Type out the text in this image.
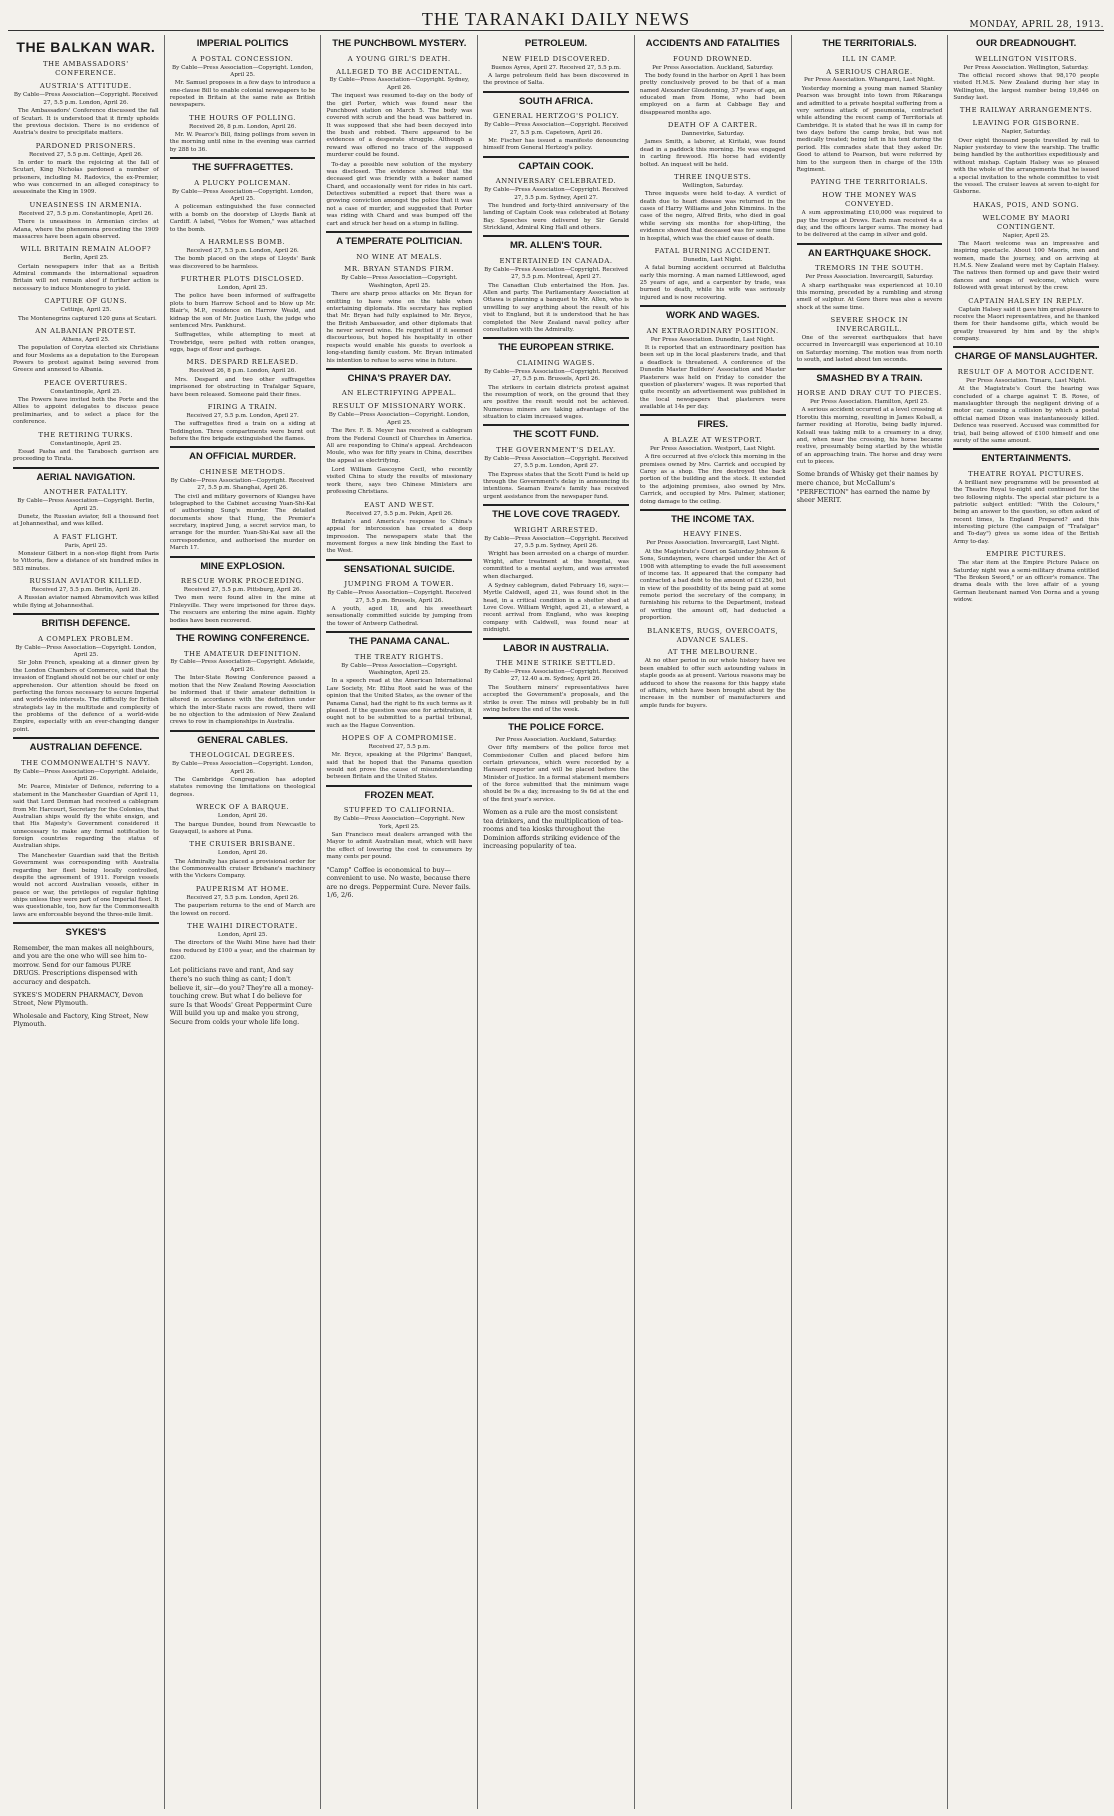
THE TARANAKI DAILY NEWS	MONDAY, APRIL 28, 1913.
THE BALKAN WAR.
THE AMBASSADORS' CONFERENCE.
AUSTRIA'S ATTITUDE.
By Cable—Press Association—Copyright. Received 27, 5.5 p.m. London, April 26.
The Ambassadors' Conference discussed the fall of Scutari. It is understood that it firmly upholds the previous decision. There is no evidence of Austria's desire to precipitate matters.
PARDONED PRISONERS.
Received 27, 5.5 p.m. Cettinje, April 26.
In order to mark the rejoicing at the fall of Scutari, King Nicholas pardoned a number of prisoners, including M. Radovics, the ex-Premier, who was concerned in an alleged conspiracy to assassinate the King in 1909.
UNEASINESS IN ARMENIA.
Received 27, 5.5 p.m. Constantinople, April 26.
There is uneasiness in Armenian circles at Adana, where the phenomena preceding the 1909 massacres have been again observed.
WILL BRITAIN REMAIN ALOOF?
Berlin, April 25.
Certain newspapers infer that as a British Admiral commands the international squadron Britain will not remain aloof if further action is necessary to induce Montenegro to yield.
CAPTURE OF GUNS.
Cettinje, April 25.
The Montenegrins captured 120 guns at Scutari.
AN ALBANIAN PROTEST.
Athens, April 25.
The population of Corytza elected six Christians and four Moslems as a deputation to the European Powers to protest against being severed from Greece and annexed to Albania.
PEACE OVERTURES.
Constantinople, April 25.
The Powers have invited both the Porte and the Allies to appoint delegates to discuss peace preliminaries, and to select a place for the conference.
THE RETIRING TURKS.
Constantinople, April 25.
Essad Pasha and the Tarabosch garrison are proceeding to Tirata.
AERIAL NAVIGATION.
ANOTHER FATALITY.
By Cable—Press Association—Copyright. Berlin, April 25.
Dunetz, the Russian aviator, fell a thousand feet at Johannesthal, and was killed.
A FAST FLIGHT.
Paris, April 25.
Monsieur Gilbert in a non-stop flight from Paris to Vittoria, flew a distance of six hundred miles in 583 minutes.
RUSSIAN AVIATOR KILLED.
Received 27, 5.5 p.m. Berlin, April 26.
A Russian aviator named Abramovitch was killed while flying at Johannesthal.
BRITISH DEFENCE.
A COMPLEX PROBLEM.
By Cable—Press Association—Copyright. London, April 25.
Sir John French, speaking at a dinner given by the London Chambers of Commerce, said that the invasion of England should not be our chief or only apprehension. Our attention should be fixed on perfecting the forces necessary to secure Imperial and world-wide interests. The difficulty for British strategists lay in the multitude and complexity of the problems of the defence of a world-wide Empire, especially with an ever-changing danger point.
AUSTRALIAN DEFENCE.
THE COMMONWEALTH'S NAVY.
By Cable—Press Association—Copyright. Adelaide, April 26.
Mr. Pearce, Minister of Defence, referring to a statement in the Manchester Guardian of April 11, said that Lord Denman had received a cablegram from Mr. Harcourt, Secretary for the Colonies, that Australian ships would fly the white ensign, and that His Majesty's Government considered it unnecessary to make any formal notification to foreign countries regarding the status of Australian ships.
The Manchester Guardian said that the British Government was corresponding with Australia regarding her fleet being locally controlled, despite the agreement of 1911. Foreign vessels would not accord Australian vessels, either in peace or war, the privileges of regular fighting ships unless they were part of one Imperial fleet. It was questionable, too, how far the Commonwealth laws are enforceable beyond the three-mile limit.
SYKES'S
Remember, the man makes all neighbours, and you are the one who will see him to-morrow. Send for our famous PURE DRUGS. Prescriptions dispensed with accuracy and despatch.
SYKES'S MODERN PHARMACY, Devon Street, New Plymouth.
Wholesale and Factory, King Street, New Plymouth.
IMPERIAL POLITICS
A POSTAL CONCESSION.
By Cable—Press Association—Copyright. London, April 25.
Mr. Samuel proposes in a few days to introduce a one-clause Bill to enable colonial newspapers to be reposted in Britain at the same rate as British newspapers.
THE HOURS OF POLLING.
Received 26, 8 p.m. London, April 26.
Mr. W. Pearce's Bill, fixing pollings from seven in the morning until nine in the evening was carried by 288 to 36.
THE SUFFRAGETTES.
A PLUCKY POLICEMAN.
By Cable—Press Association—Copyright. London, April 25.
A policeman extinguished the fuse connected with a bomb on the doorstep of Lloyds Bank at Cardiff. A label, "Votes for Women," was attached to the bomb.
A HARMLESS BOMB.
Received 27, 5.5 p.m. London, April 26.
The bomb placed on the steps of Lloyds' Bank was discovered to be harmless.
FURTHER PLOTS DISCLOSED.
London, April 25.
The police have been informed of suffragette plots to burn Harrow School and to blow up Mr. Blair's, M.P., residence on Harrow Weald, and kidnap the son of Mr. Justice Lush, the judge who sentenced Mrs. Pankhurst.
Suffragettes, while attempting to meet at Trowbridge, were pelted with rotten oranges, eggs, bags of flour and garbage.
MRS. DESPARD RELEASED.
Received 26, 8 p.m. London, April 26.
Mrs. Despard and two other suffragettes imprisoned for obstructing in Trafalgar Square, have been released. Someone paid their fines.
FIRING A TRAIN.
Received 27, 5.5 p.m. London, April 27.
The suffragettes fired a train on a siding at Teddington. Three compartments were burnt out before the fire brigade extinguished the flames.
AN OFFICIAL MURDER.
CHINESE METHODS.
By Cable—Press Association—Copyright. Received 27, 5.5 p.m. Shanghai, April 26.
The civil and military governors of Kiangsu have telegraphed to the Cabinet accusing Yuan-Shi-Kai of authorising Sung's murder. The detailed documents show that Hung, the Premier's secretary, inspired Jung, a secret service man, to arrange for the murder. Yuan-Shi-Kai saw all the correspondence, and authorised the murder on March 17.
MINE EXPLOSION.
RESCUE WORK PROCEEDING.
Received 27, 5.5 p.m. Pittsburg, April 26.
Two men were found alive in the mine at Finleyville. They were imprisoned for three days. The rescuers are entering the mine again. Eighty bodies have been recovered.
THE ROWING CONFERENCE.
THE AMATEUR DEFINITION.
By Cable—Press Association—Copyright. Adelaide, April 26.
The Inter-State Rowing Conference passed a motion that the New Zealand Rowing Association be informed that if their amateur definition is altered in accordance with the definition under which the inter-State races are rowed, there will be no objection to the admission of New Zealand crews to row in championships in Australia.
GENERAL CABLES.
THEOLOGICAL DEGREES.
By Cable—Press Association—Copyright. London, April 26.
The Cambridge Congregation has adopted statutes removing the limitations on theological degrees.
WRECK OF A BARQUE.
London, April 26.
The barque Dundee, bound from Newcastle to Guayaquil, is ashore at Puna.
THE CRUISER BRISBANE.
London, April 26.
The Admiralty has placed a provisional order for the Commonwealth cruiser Brisbane's machinery with the Vickers Company.
PAUPERISM AT HOME.
Received 27, 5.5 p.m. London, April 26.
The pauperism returns to the end of March are the lowest on record.
THE WAIHI DIRECTORATE.
London, April 25.
The directors of the Waihi Mine have had their fees reduced by £100 a year, and the chairman by £200.
Let politicians rave and rant, And say there's no such thing as cant; I don't believe it, sir—do you? They're all a money-touching crew. But what I do believe for sure Is that Woods' Great Peppermint Cure Will build you up and make you strong, Secure from colds your whole life long.
THE PUNCHBOWL MYSTERY.
A YOUNG GIRL'S DEATH.
ALLEGED TO BE ACCIDENTAL.
By Cable—Press Association—Copyright. Sydney, April 26.
The inquest was resumed to-day on the body of the girl Porter, which was found near the Punchbowl station on March 5. The body was covered with scrub and the head was battered in. It was supposed that she had been decoyed into the bush and robbed. There appeared to be evidences of a desperate struggle. Although a reward was offered no trace of the supposed murderer could be found.
To-day a possible new solution of the mystery was disclosed. The evidence showed that the deceased girl was friendly with a baker named Chard, and occasionally went for rides in his cart. Detectives submitted a report that there was a growing conviction amongst the police that it was not a case of murder, and suggested that Porter was riding with Chard and was bumped off the cart and struck her head on a stump in falling.
A TEMPERATE POLITICIAN.
NO WINE AT MEALS.
MR. BRYAN STANDS FIRM.
By Cable—Press Association—Copyright. Washington, April 25.
There are sharp press attacks on Mr. Bryan for omitting to have wine on the table when entertaining diplomats. His secretary has replied that Mr. Bryan had fully explained to Mr. Bryce, the British Ambassador, and other diplomats that he never served wine. He regretted if it seemed discourteous, but hoped his hospitality in other respects would enable his guests to overlook a long-standing family custom. Mr. Bryan intimated his intention to refuse to serve wine in future.
CHINA'S PRAYER DAY.
AN ELECTRIFYING APPEAL.
RESULT OF MISSIONARY WORK.
By Cable—Press Association—Copyright. London, April 25.
The Rev. F. B. Meyer has received a cablegram from the Federal Council of Churches in America. All are responding to China's appeal. Archdeacon Moule, who was for fifty years in China, describes the appeal as electrifying.
Lord William Gascoyne Cecil, who recently visited China to study the results of missionary work there, says two Chinese Ministers are professing Christians.
EAST AND WEST.
Received 27, 5.5 p.m. Pekin, April 26.
Britain's and America's response to China's appeal for intercession has created a deep impression. The newspapers state that the movement forges a new link binding the East to the West.
SENSATIONAL SUICIDE.
JUMPING FROM A TOWER.
By Cable—Press Association—Copyright. Received 27, 5.5 p.m. Brussels, April 26.
A youth, aged 18, and his sweetheart sensationally committed suicide by jumping from the tower of Antwerp Cathedral.
THE PANAMA CANAL.
THE TREATY RIGHTS.
By Cable—Press Association—Copyright. Washington, April 25.
In a speech read at the American International Law Society, Mr. Elihu Root said he was of the opinion that the United States, as the owner of the Panama Canal, had the right to fix such terms as it pleased. If the question was one for arbitration, it ought not to be submitted to a partial tribunal, such as the Hague Convention.
HOPES OF A COMPROMISE.
Received 27, 5.5 p.m.
Mr. Bryce, speaking at the Pilgrims' Banquet, said that he hoped that the Panama question would not prove the cause of misunderstanding between Britain and the United States.
FROZEN MEAT.
STUFFED TO CALIFORNIA.
By Cable—Press Association—Copyright. New York, April 25.
San Francisco meat dealers arranged with the Mayor to admit Australian meat, which will have the effect of lowering the cost to consumers by many cents per pound.
"Camp" Coffee is economical to buy—convenient to use. No waste, because there are no dregs. Peppermint Cure. Never fails. 1/6, 2/6.
PETROLEUM.
NEW FIELD DISCOVERED.
Buenos Ayres, April 27. Received 27, 5.5 p.m.
A large petroleum field has been discovered in the province of Salta.
SOUTH AFRICA.
GENERAL HERTZOG'S POLICY.
By Cable—Press Association—Copyright. Received 27, 5.5 p.m. Capetown, April 26.
Mr. Fischer has issued a manifesto denouncing himself from General Hertzog's policy.
CAPTAIN COOK.
ANNIVERSARY CELEBRATED.
By Cable—Press Association—Copyright. Received 27, 5.5 p.m. Sydney, April 27.
The hundred and forty-third anniversary of the landing of Captain Cook was celebrated at Botany Bay. Speeches were delivered by Sir Gerald Strickland, Admiral King Hall and others.
MR. ALLEN'S TOUR.
ENTERTAINED IN CANADA.
By Cable—Press Association—Copyright. Received 27, 5.5 p.m. Montreal, April 27.
The Canadian Club entertained the Hon. Jas. Allen and party. The Parliamentary Association at Ottawa is planning a banquet to Mr. Allen, who is unwilling to say anything about the result of his visit to England, but it is understood that he has completed the New Zealand naval policy after consultation with the Admiralty.
THE EUROPEAN STRIKE.
CLAIMING WAGES.
By Cable—Press Association—Copyright. Received 27, 5.5 p.m. Brussels, April 26.
The strikers in certain districts protest against the resumption of work, on the ground that they are positive the result would not be achieved. Numerous miners are taking advantage of the situation to claim increased wages.
THE SCOTT FUND.
THE GOVERNMENT'S DELAY.
By Cable—Press Association—Copyright. Received 27, 5.5 p.m. London, April 27.
The Express states that the Scott Fund is held up through the Government's delay in announcing its intentions. Seaman Evans's family has received urgent assistance from the newspaper fund.
THE LOVE COVE TRAGEDY.
WRIGHT ARRESTED.
By Cable—Press Association—Copyright. Received 27, 5.5 p.m. Sydney, April 26.
Wright has been arrested on a charge of murder. Wright, after treatment at the hospital, was committed to a mental asylum, and was arrested when discharged.
A Sydney cablegram, dated February 16, says:—Myrtle Caldwell, aged 21, was found shot in the head, in a critical condition in a shelter shed at Love Cove. William Wright, aged 21, a steward, a recent arrival from England, who was keeping company with Caldwell, was found near at midnight.
LABOR IN AUSTRALIA.
THE MINE STRIKE SETTLED.
By Cable—Press Association—Copyright. Received 27, 12.40 a.m. Sydney, April 26.
The Southern miners' representatives have accepted the Government's proposals, and the strike is over. The mines will probably be in full swing before the end of the week.
THE POLICE FORCE.
Per Press Association. Auckland, Saturday.
Over fifty members of the police force met Commissioner Cullen and placed before him certain grievances, which were recorded by a Hansard reporter and will be placed before the Minister of Justice. In a formal statement members of the force submitted that the minimum wage should be 9s a day, increasing to 9s 6d at the end of the first year's service.
Women as a rule are the most consistent tea drinkers, and the multiplication of tea-rooms and tea kiosks throughout the Dominion affords striking evidence of the increasing popularity of tea.
ACCIDENTS AND FATALITIES
FOUND DROWNED.
Per Press Association. Auckland, Saturday.
The body found in the harbor on April 1 has been pretty conclusively proved to be that of a man named Alexander Gloudenning, 37 years of age, an educated man from Home, who had been employed on a farm at Cabbage Bay and disappeared months ago.
DEATH OF A CARTER.
Dannevirke, Saturday.
James Smith, a laborer, at Kiritaki, was found dead in a paddock this morning. He was engaged in carting firewood. His horse had evidently bolted. An inquest will be held.
THREE INQUESTS.
Wellington, Saturday.
Three inquests were held to-day. A verdict of death due to heart disease was returned in the cases of Harry Williams and John Kimmins. In the case of the negro, Alfred Brits, who died in goal while serving six months for shop-lifting, the evidence showed that deceased was for some time in hospital, which was the chief cause of death.
FATAL BURNING ACCIDENT.
Dunedin, Last Night.
A fatal burning accident occurred at Balclutha early this morning. A man named Littlewood, aged 25 years of age, and a carpenter by trade, was burned to death, while his wife was seriously injured and is now recovering.
WORK AND WAGES.
AN EXTRAORDINARY POSITION.
Per Press Association. Dunedin, Last Night.
It is reported that an extraordinary position has been set up in the local plasterers trade, and that a deadlock is threatened. A conference of the Dunedin Master Builders' Association and Master Plasterers was held on Friday to consider the question of plasterers' wages. It was reported that quite recently an advertisement was published in the local newspapers that plasterers were available at 14s per day.
FIRES.
A BLAZE AT WESTPORT.
Per Press Association. Westport, Last Night.
A fire occurred at five o'clock this morning in the premises owned by Mrs. Carrick and occupied by Carey as a shop. The fire destroyed the back portion of the building and the stock. It extended to the adjoining premises, also owned by Mrs. Carrick, and occupied by Mrs. Palmer, stationer, doing damage to the ceiling.
THE INCOME TAX.
HEAVY FINES.
Per Press Association. Invercargill, Last Night.
At the Magistrate's Court on Saturday Johnson & Sons, Sundaymen, were charged under the Act of 1908 with attempting to evade the full assessment of income tax. It appeared that the company had contracted a bad debt to the amount of £1250, but in view of the possibility of its being paid at some remote period the secretary of the company, in furnishing his returns to the Department, instead of writing the amount off, had deducted a proportion.
BLANKETS, RUGS, OVERCOATS, ADVANCE SALES.
AT THE MELBOURNE.
At no other period in our whole history have we been enabled to offer such astounding values in staple goods as at present. Various reasons may be adduced to show the reasons for this happy state of affairs, which have been brought about by the increase in the number of manufacturers and ample funds for buyers.
THE TERRITORIALS.
ILL IN CAMP.
A SERIOUS CHARGE.
Per Press Association. Whangarei, Last Night.
Yesterday morning a young man named Stanley Pearson was brought into town from Rikaranga and admitted to a private hospital suffering from a very serious attack of pneumonia, contracted while attending the recent camp of Territorials at Cambridge. It is stated that he was ill in camp for two days before the camp broke, but was not medically treated; being left in his tent during the period. His comrades state that they asked Dr. Good to attend to Pearson, but were referred by him to the surgeon then in charge of the 15th Regiment.
PAYING THE TERRITORIALS.
HOW THE MONEY WAS CONVEYED.
A sum approximating £10,000 was required to pay the troops at Drews. Each man received 4s a day, and the officers larger sums. The money had to be delivered at the camp in silver and gold.
AN EARTHQUAKE SHOCK.
TREMORS IN THE SOUTH.
Per Press Association. Invercargill, Saturday.
A sharp earthquake was experienced at 10.10 this morning, preceded by a rumbling and strong smell of sulphur. At Gore there was also a severe shock at the same time.
SEVERE SHOCK IN INVERCARGILL.
One of the severest earthquakes that have occurred in Invercargill was experienced at 10.10 on Saturday morning. The motion was from north to south, and lasted about ten seconds.
SMASHED BY A TRAIN.
HORSE AND DRAY CUT TO PIECES.
Per Press Association. Hamilton, April 25.
A serious accident occurred at a level crossing at Horotiu this morning, resulting in James Kelsall, a farmer residing at Horotiu, being badly injured. Kelsall was taking milk to a creamery in a dray, and, when near the crossing, his horse became restive, presumably being startled by the whistle of an approaching train. The horse and dray were cut to pieces.
Some brands of Whisky get their names by mere chance, but McCallum's "PERFECTION" has earned the name by sheer MERIT.
OUR DREADNOUGHT.
WELLINGTON VISITORS.
Per Press Association. Wellington, Saturday.
The official record shows that 98,170 people visited H.M.S. New Zealand during her stay in Wellington, the largest number being 19,846 on Sunday last.
THE RAILWAY ARRANGEMENTS.
LEAVING FOR GISBORNE.
Napier, Saturday.
Over eight thousand people travelled by rail to Napier yesterday to view the warship. The traffic being handled by the authorities expeditiously and without mishap. Captain Halsey was so pleased with the whole of the arrangements that he issued a special invitation to the whole committee to visit the vessel. The cruiser leaves at seven to-night for Gisborne.
HAKAS, POIS, AND SONG.
WELCOME BY MAORI CONTINGENT.
Napier, April 25.
The Maori welcome was an impressive and inspiring spectacle. About 100 Maoris, men and women, made the journey, and on arriving at H.M.S. New Zealand were met by Captain Halsey. The natives then formed up and gave their weird dances and songs of welcome, which were followed with great interest by the crew.
CAPTAIN HALSEY IN REPLY.
Captain Halsey said it gave him great pleasure to receive the Maori representatives, and he thanked them for their handsome gifts, which would be greatly treasured by him and by the ship's company.
CHARGE OF MANSLAUGHTER.
RESULT OF A MOTOR ACCIDENT.
Per Press Association. Timaru, Last Night.
At the Magistrate's Court the hearing was concluded of a charge against T. B. Rowe, of manslaughter through the negligent driving of a motor car, causing a collision by which a postal official named Dixon was instantaneously killed. Defence was reserved. Accused was committed for trial, bail being allowed of £100 himself and one surety of the same amount.
ENTERTAINMENTS.
THEATRE ROYAL PICTURES.
A brilliant new programme will be presented at the Theatre Royal to-night and continued for the two following nights. The special star picture is a patriotic subject entitled: "With the Colours," being an answer to the question, so often asked of recent times, Is England Prepared? and this interesting picture (the campaign of "Trafalgar" and To-day") gives us some idea of the British Army to-day.
EMPIRE PICTURES.
The star item at the Empire Picture Palace on Saturday night was a semi-military drama entitled "The Broken Sword," or an officer's romance. The drama deals with the love affair of a young German lieutenant named Von Dorna and a young widow.
